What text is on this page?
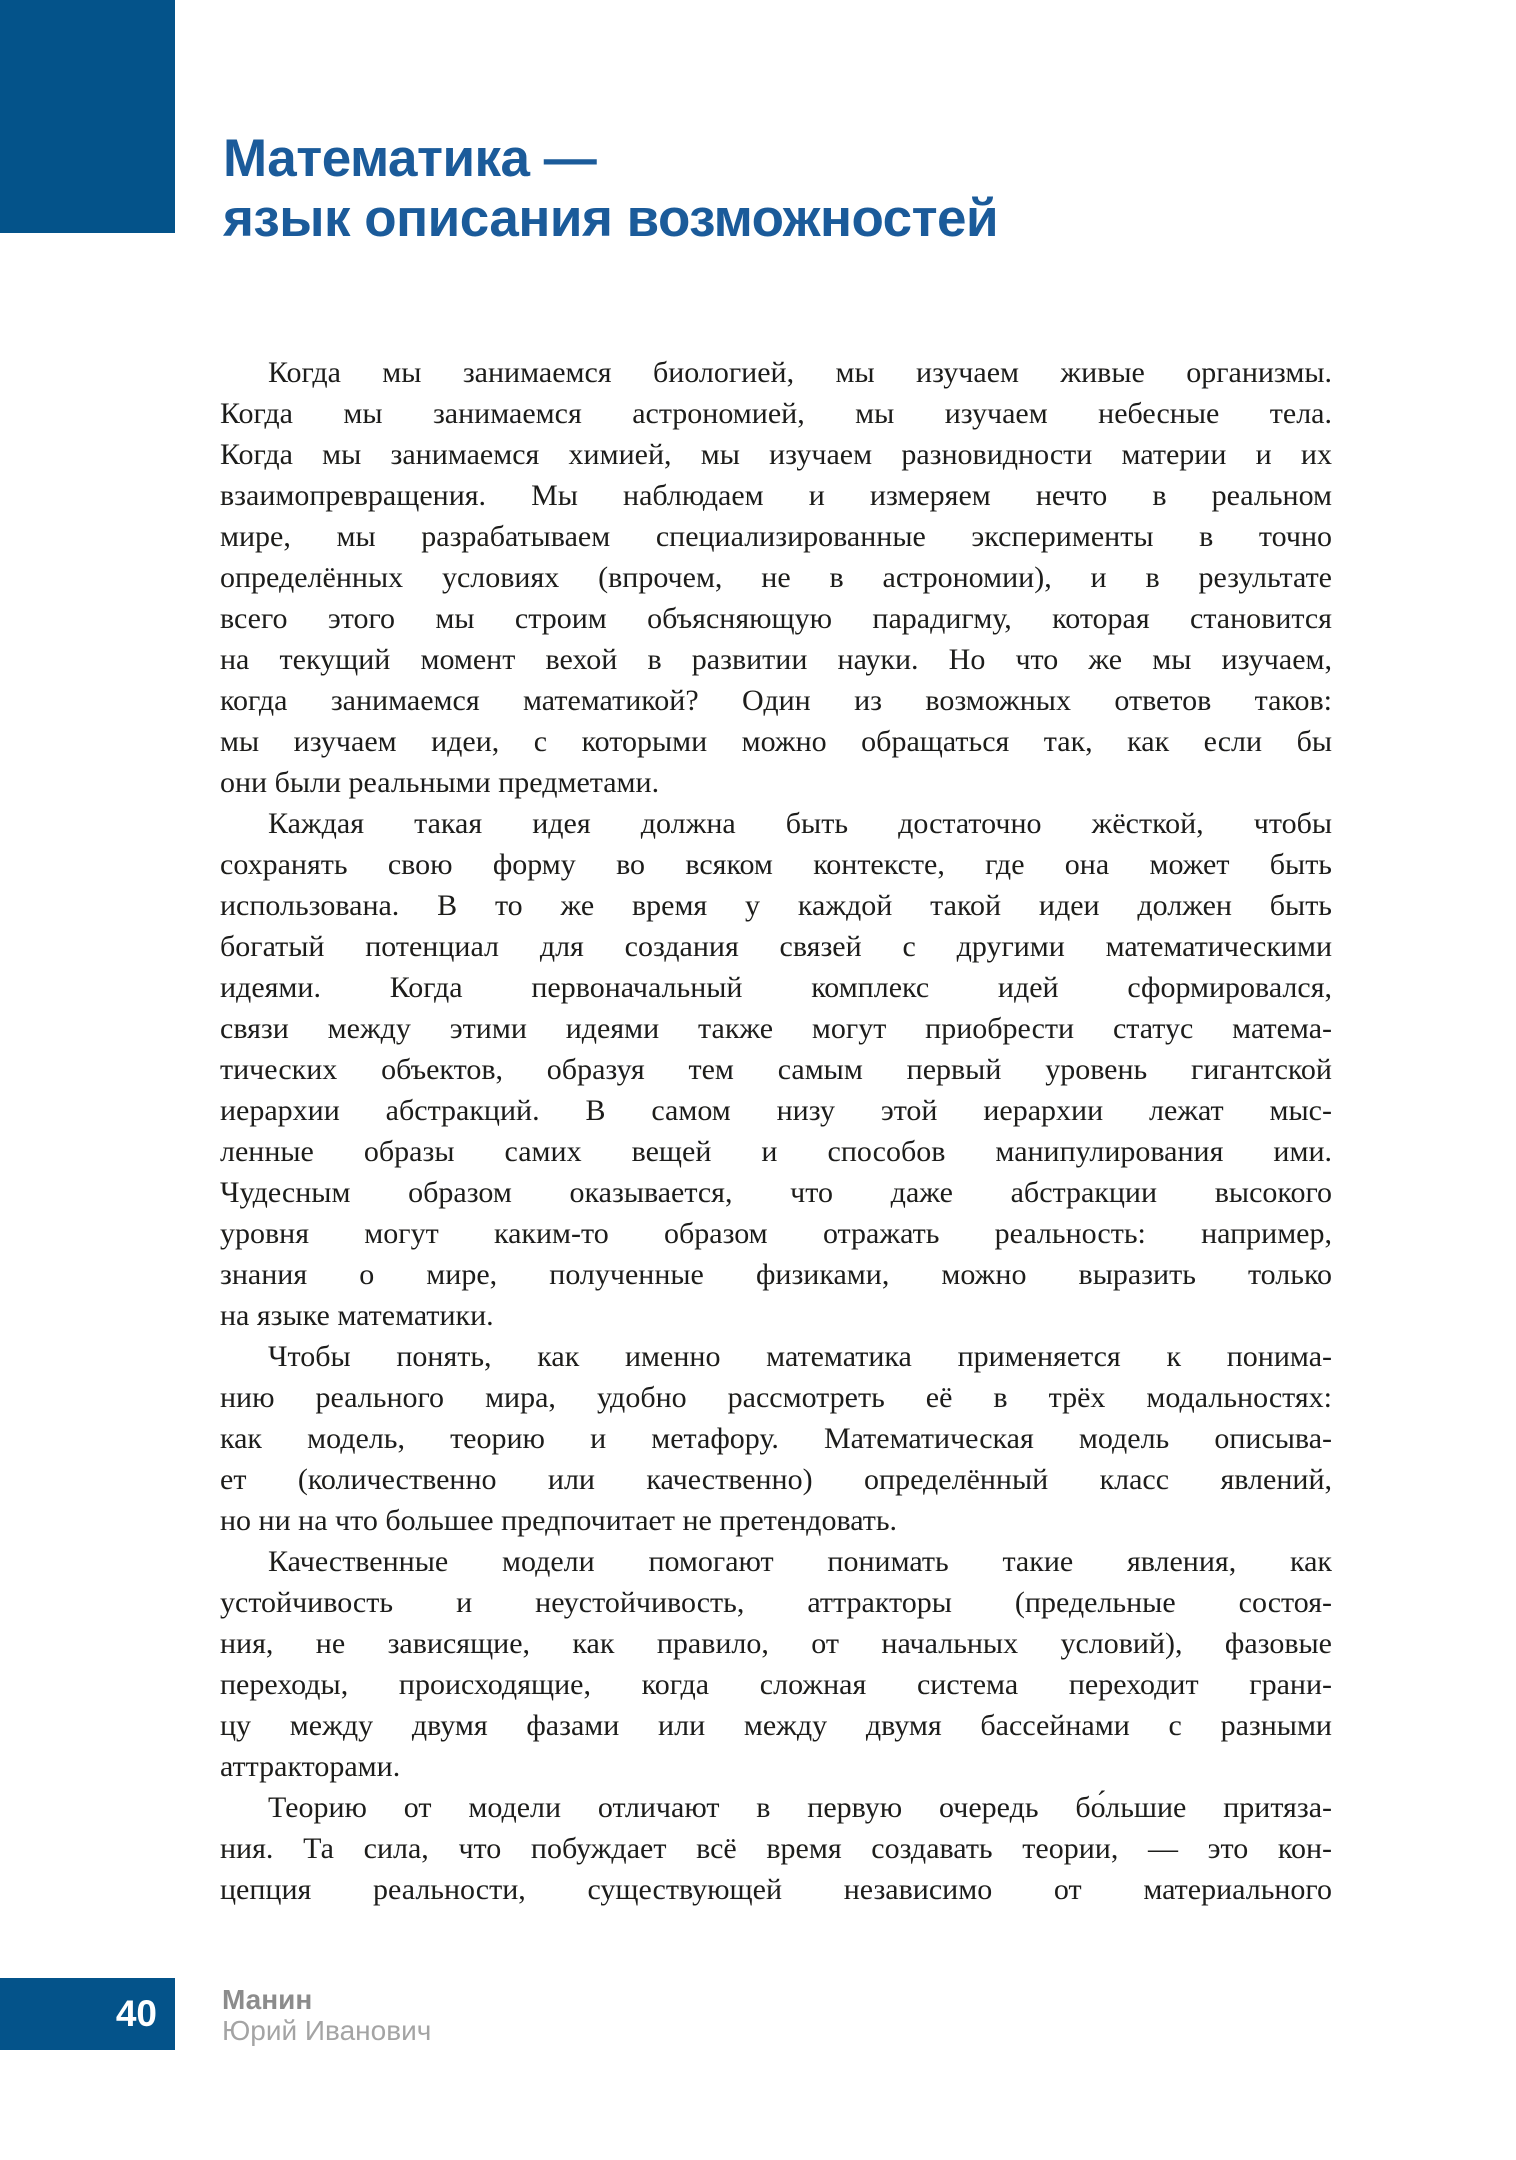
Математика —
язык описания возможностей
Когда мы занимаемся биологией, мы изучаем живые организмы.
Когда мы занимаемся астрономией, мы изучаем небесные тела.
Когда мы занимаемся химией, мы изучаем разновидности материи и их
взаимопревращения. Мы наблюдаем и измеряем нечто в реальном
мире, мы разрабатываем специализированные эксперименты в точно
определённых условиях (впрочем, не в астрономии), и в результате
всего этого мы строим объясняющую парадигму, которая становится
на текущий момент вехой в развитии науки. Но что же мы изучаем,
когда занимаемся математикой? Один из возможных ответов таков:
мы изучаем идеи, с которыми можно обращаться так, как если бы
они были реальными предметами.
Каждая такая идея должна быть достаточно жёсткой, чтобы
сохранять свою форму во всяком контексте, где она может быть
использована. В то же время у каждой такой идеи должен быть
богатый потенциал для создания связей с другими математическими
идеями. Когда первоначальный комплекс идей сформировался,
связи между этими идеями также могут приобрести статус матема-
тических объектов, образуя тем самым первый уровень гигантской
иерархии абстракций. В самом низу этой иерархии лежат мыс-
ленные образы самих вещей и способов манипулирования ими.
Чудесным образом оказывается, что даже абстракции высокого
уровня могут каким-то образом отражать реальность: например,
знания о мире, полученные физиками, можно выразить только
на языке математики.
Чтобы понять, как именно математика применяется к понима-
нию реального мира, удобно рассмотреть её в трёх модальностях:
как модель, теорию и метафору. Математическая модель описыва-
ет (количественно или качественно) определённый класс явлений,
но ни на что большее предпочитает не претендовать.
Качественные модели помогают понимать такие явления, как
устойчивость и неустойчивость, аттракторы (предельные состоя-
ния, не зависящие, как правило, от начальных условий), фазовые
переходы, происходящие, когда сложная система переходит грани-
цу между двумя фазами или между двумя бассейнами с разными
аттракторами.
Теорию от модели отличают в первую очередь бо́льшие притяза-
ния. Та сила, что побуждает всё время создавать теории, — это кон-
цепция реальности, существующей независимо от материального
40 Манин
Юрий Иванович
